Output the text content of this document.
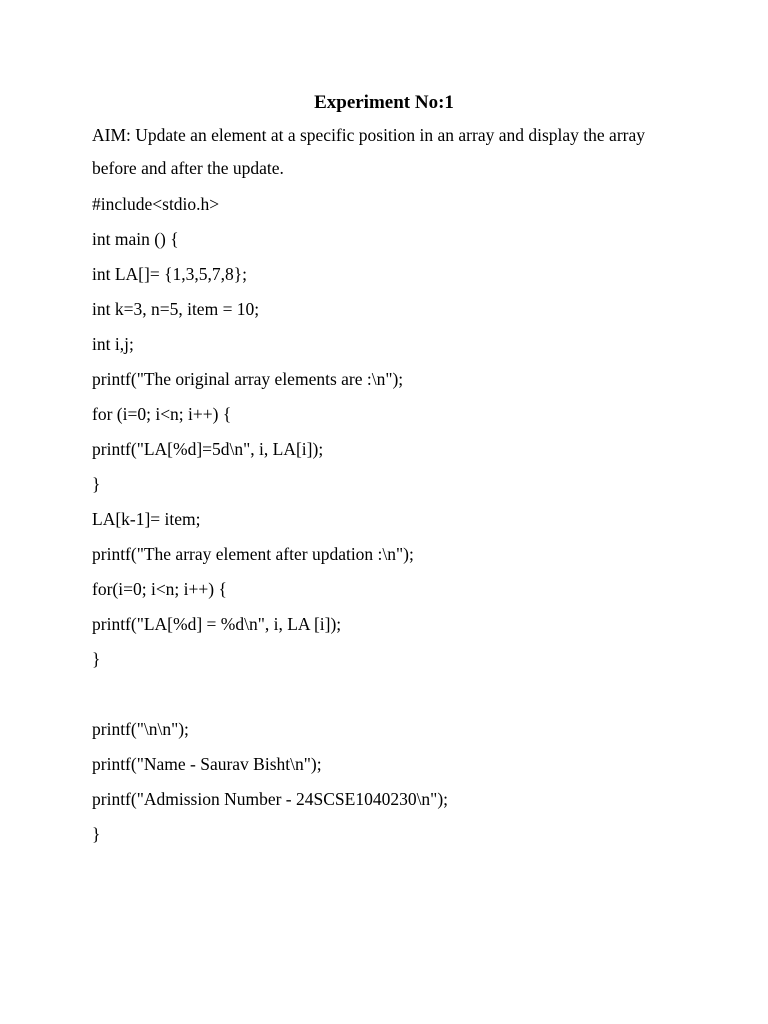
Experiment No:1
AIM: Update an element at a specific position in an array and display the array
before and after the update.
#include<stdio.h>
int main () {
int LA[]= {1,3,5,7,8};
int k=3, n=5, item = 10;
int i,j;
printf("The original array elements are :\n");
for (i=0; i<n; i++) {
printf("LA[%d]=5d\n", i, LA[i]);
}
LA[k-1]= item;
printf("The array element after updation :\n");
for(i=0; i<n; i++) {
printf("LA[%d] = %d\n", i, LA [i]);
}
printf("\n\n");
printf("Name - Saurav Bisht\n");
printf("Admission Number - 24SCSE1040230\n");
}
